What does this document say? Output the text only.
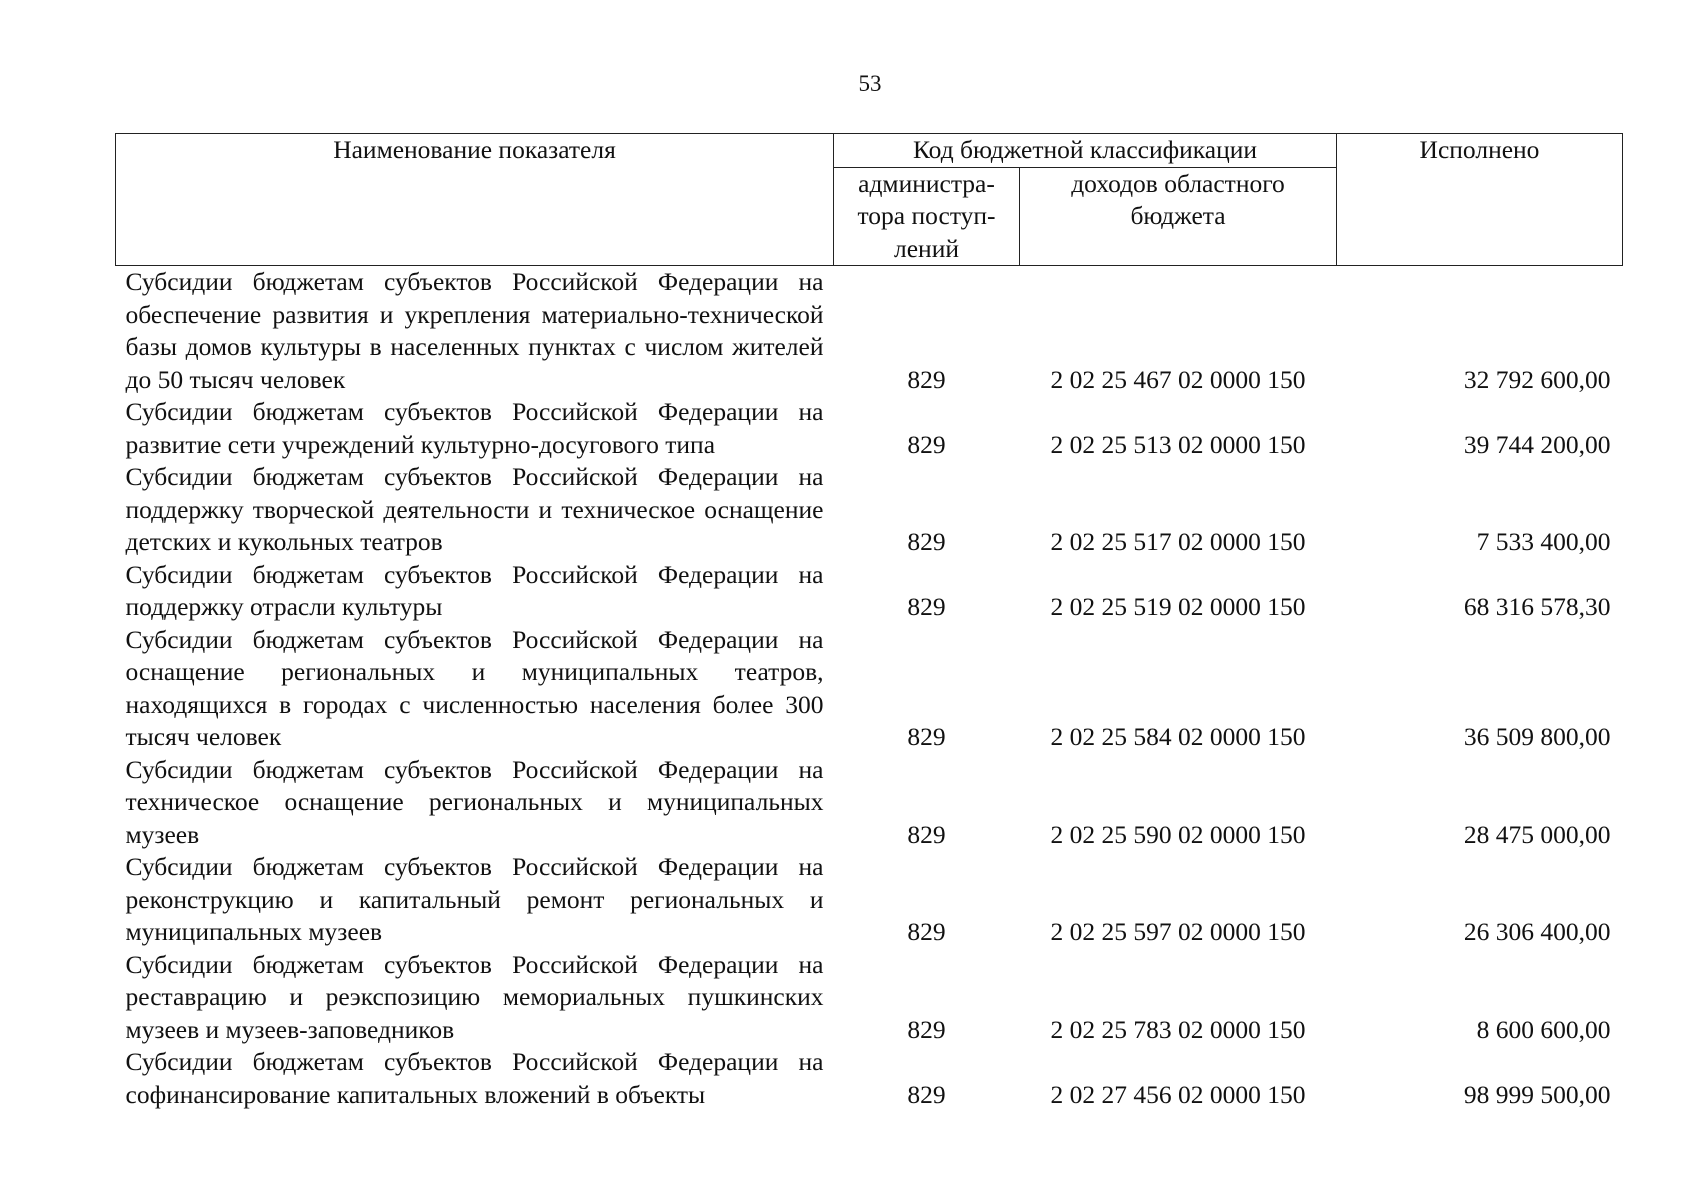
53
Наименование показателя	Код бюджетной классификации		Исполнено

	администра-
тора поступ-
лений	доходов областного
бюджета	

Субсидии бюджетам субъектов Российской Федерации на обеспечение развития и укрепления материально-технической базы домов культуры в населенных пунктах с числом жителей до 50 тысяч человек	829	2 02 25 467 02 0000 150	32 792 600,00
Субсидии бюджетам субъектов Российской Федерации на развитие сети учреждений культурно-досугового типа	829	2 02 25 513 02 0000 150	39 744 200,00
Субсидии бюджетам субъектов Российской Федерации на поддержку творческой деятельности и техническое оснащение детских и кукольных театров	829	2 02 25 517 02 0000 150	7 533 400,00
Субсидии бюджетам субъектов Российской Федерации на поддержку отрасли культуры	829	2 02 25 519 02 0000 150	68 316 578,30
Субсидии бюджетам субъектов Российской Федерации на оснащение региональных и муниципальных театров, находящихся в городах с численностью населения более 300 тысяч человек	829	2 02 25 584 02 0000 150	36 509 800,00
Субсидии бюджетам субъектов Российской Федерации на техническое оснащение региональных и муниципальных музеев	829	2 02 25 590 02 0000 150	28 475 000,00
Субсидии бюджетам субъектов Российской Федерации на реконструкцию и капитальный ремонт региональных и муниципальных музеев	829	2 02 25 597 02 0000 150	26 306 400,00
Субсидии бюджетам субъектов Российской Федерации на реставрацию и реэкспозицию мемориальных пушкинских музеев и музеев-заповедников	829	2 02 25 783 02 0000 150	8 600 600,00
Субсидии бюджетам субъектов Российской Федерации на софинансирование капитальных вложений в объекты	829	2 02 27 456 02 0000 150	98 999 500,00
